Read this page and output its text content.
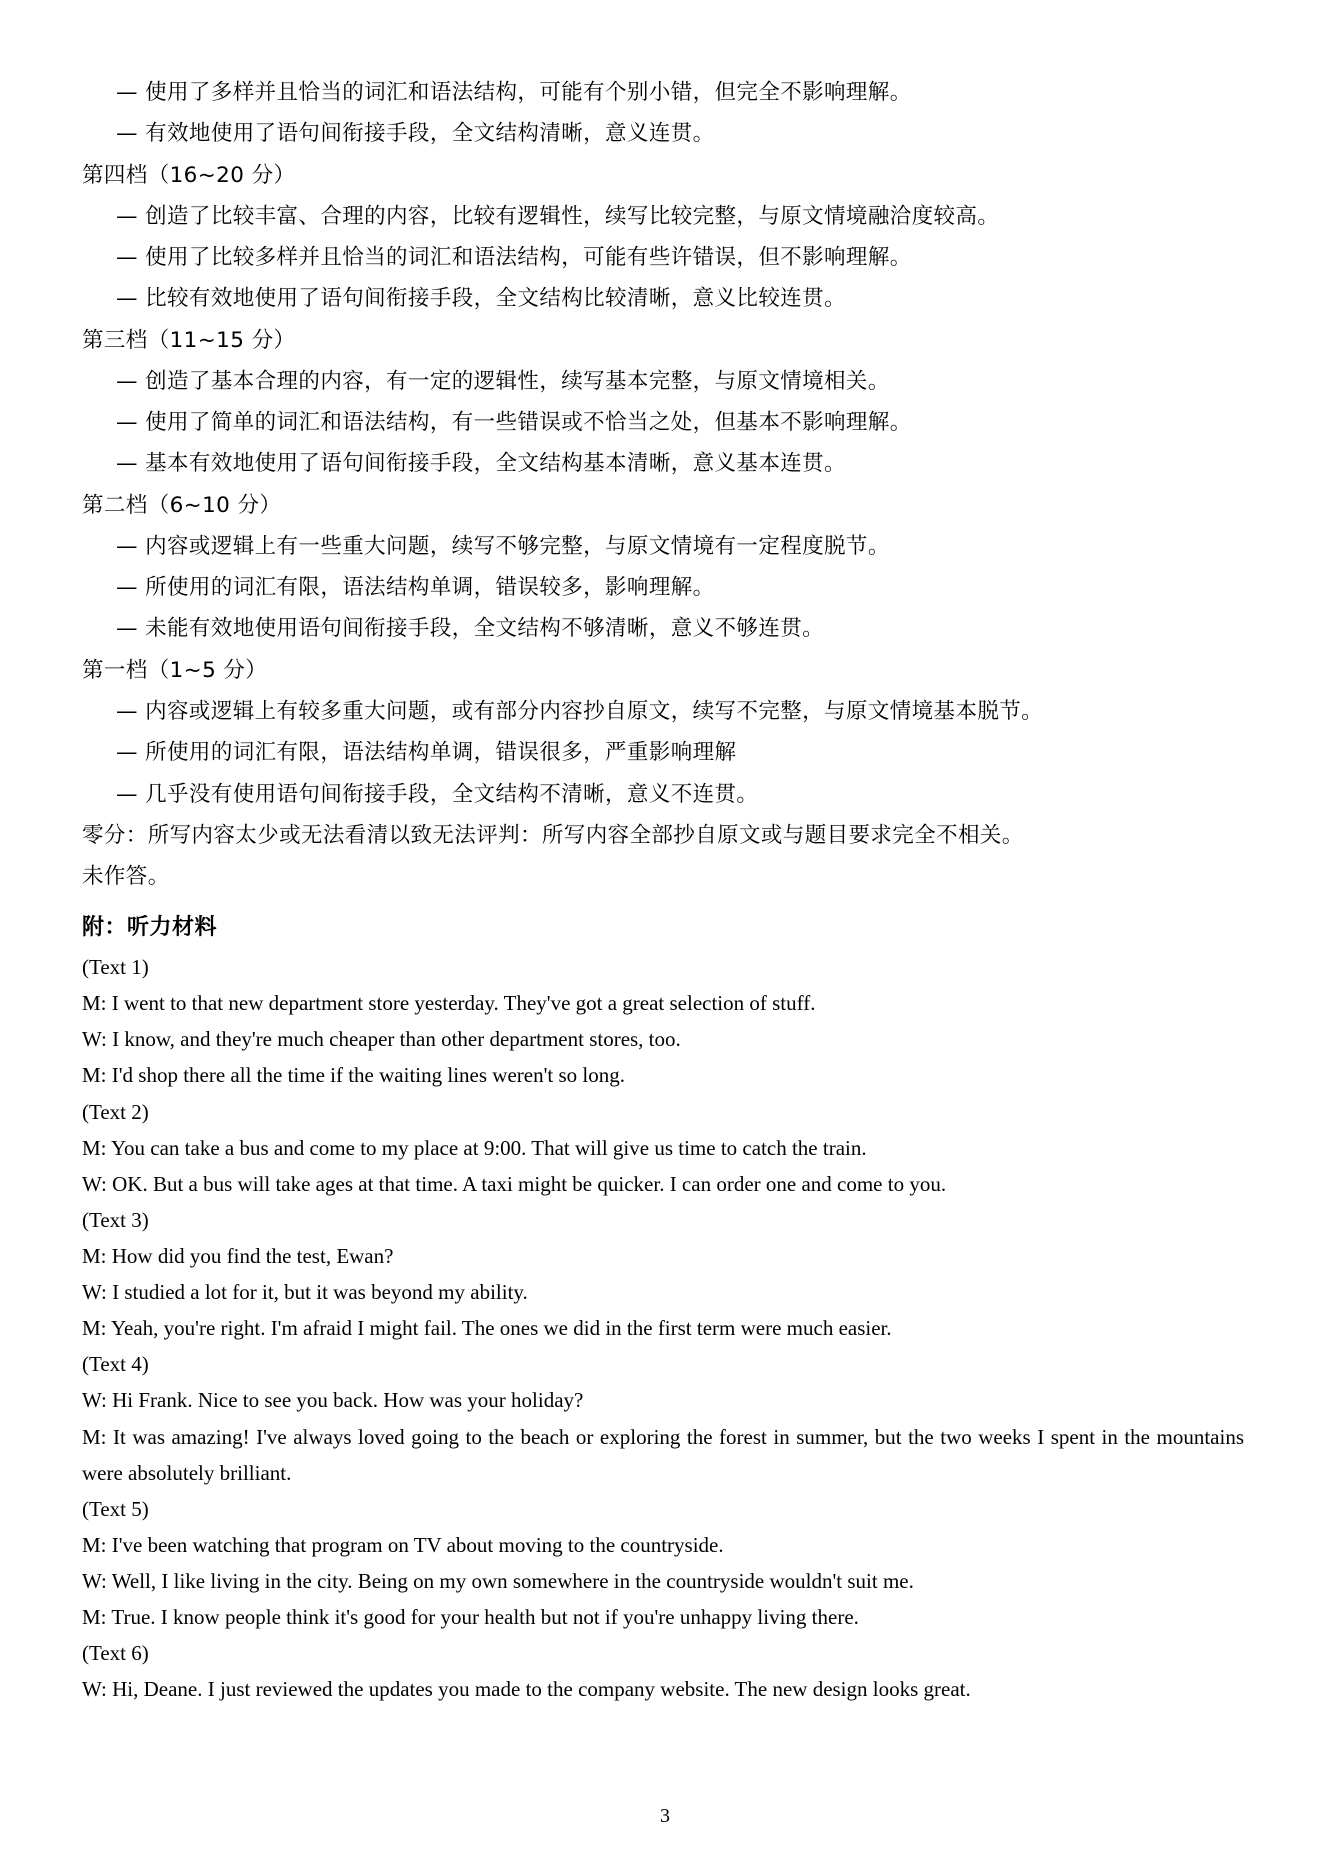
— 使用了多样并且恰当的词汇和语法结构，可能有个别小错，但完全不影响理解。
— 有效地使用了语句间衔接手段，全文结构清晰，意义连贯。
第四档（16~20 分）
— 创造了比较丰富、合理的内容，比较有逻辑性，续写比较完整，与原文情境融洽度较高。
— 使用了比较多样并且恰当的词汇和语法结构，可能有些许错误，但不影响理解。
— 比较有效地使用了语句间衔接手段，全文结构比较清晰，意义比较连贯。
第三档（11~15 分）
— 创造了基本合理的内容，有一定的逻辑性，续写基本完整，与原文情境相关。
— 使用了简单的词汇和语法结构，有一些错误或不恰当之处，但基本不影响理解。
— 基本有效地使用了语句间衔接手段，全文结构基本清晰，意义基本连贯。
第二档（6~10 分）
— 内容或逻辑上有一些重大问题，续写不够完整，与原文情境有一定程度脱节。
— 所使用的词汇有限，语法结构单调，错误较多，影响理解。
— 未能有效地使用语句间衔接手段，全文结构不够清晰，意义不够连贯。
第一档（1~5 分）
— 内容或逻辑上有较多重大问题，或有部分内容抄自原文，续写不完整，与原文情境基本脱节。
— 所使用的词汇有限，语法结构单调，错误很多，严重影响理解
— 几乎没有使用语句间衔接手段，全文结构不清晰，意义不连贯。
零分：所写内容太少或无法看清以致无法评判：所写内容全部抄自原文或与题目要求完全不相关。
未作答。
附：听力材料
(Text 1)
M: I went to that new department store yesterday. They've got a great selection of stuff.
W: I know, and they're much cheaper than other department stores, too.
M: I'd shop there all the time if the waiting lines weren't so long.
(Text 2)
M: You can take a bus and come to my place at 9:00. That will give us time to catch the train.
W: OK. But a bus will take ages at that time. A taxi might be quicker. I can order one and come to you.
(Text 3)
M: How did you find the test, Ewan?
W: I studied a lot for it, but it was beyond my ability.
M: Yeah, you're right. I'm afraid I might fail. The ones we did in the first term were much easier.
(Text 4)
W: Hi Frank. Nice to see you back. How was your holiday?
M: It was amazing! I've always loved going to the beach or exploring the forest in summer, but the two weeks I spent in the mountains were absolutely brilliant.
(Text 5)
M: I've been watching that program on TV about moving to the countryside.
W: Well, I like living in the city. Being on my own somewhere in the countryside wouldn't suit me.
M: True. I know people think it's good for your health but not if you're unhappy living there.
(Text 6)
W: Hi, Deane. I just reviewed the updates you made to the company website. The new design looks great.
3
